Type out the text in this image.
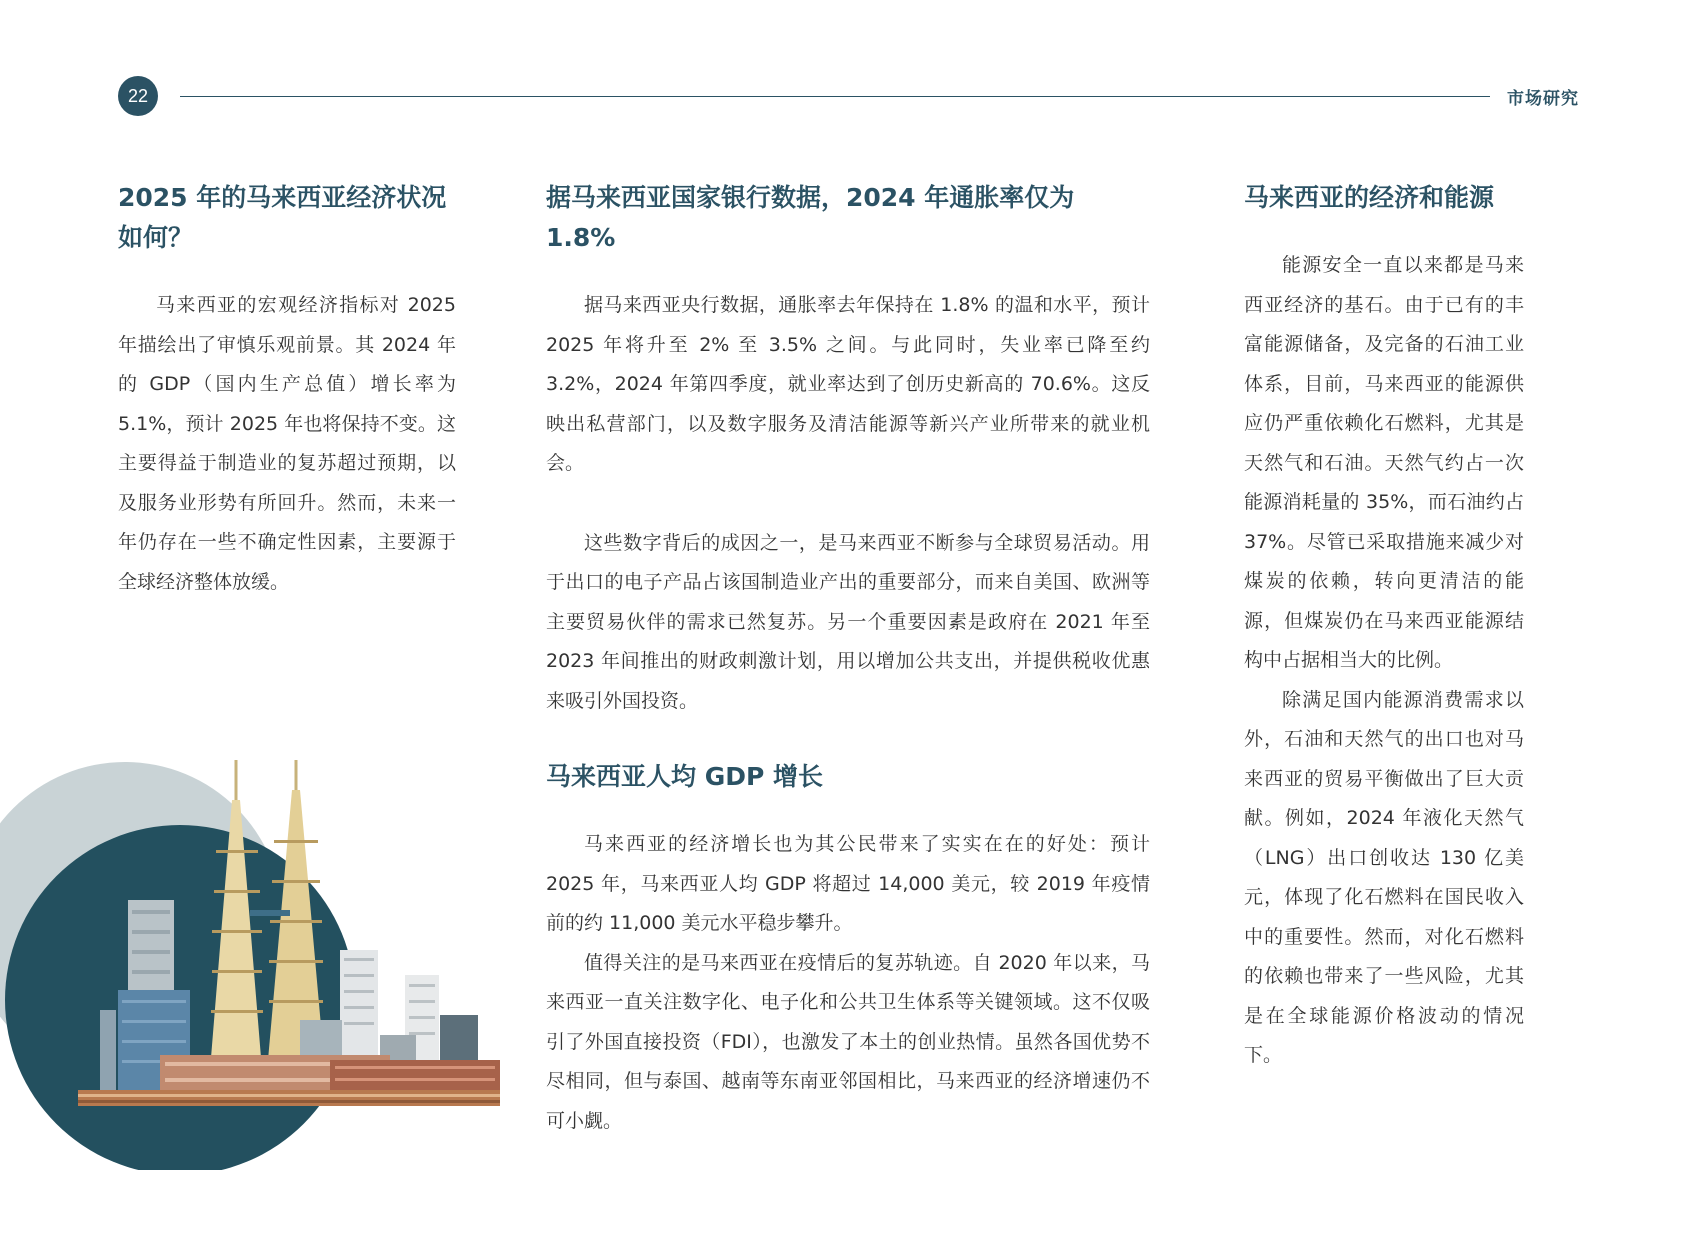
22	市场研究
2025 年的马来西亚经济状况如何？

马来西亚的宏观经济指标对 2025 年描绘出了审慎乐观前景。其 2024 年的 GDP（国内生产总值）增长率为 5.1%，预计 2025 年也将保持不变。这主要得益于制造业的复苏超过预期，以及服务业形势有所回升。然而，未来一年仍存在一些不确定性因素，主要源于全球经济整体放缓。

据马来西亚国家银行数据，2024 年通胀率仅为 1.8%

据马来西亚央行数据，通胀率去年保持在 1.8% 的温和水平，预计 2025 年将升至 2% 至 3.5% 之间。与此同时，失业率已降至约 3.2%，2024 年第四季度，就业率达到了创历史新高的 70.6%。这反映出私营部门，以及数字服务及清洁能源等新兴产业所带来的就业机会。

这些数字背后的成因之一，是马来西亚不断参与全球贸易活动。用于出口的电子产品占该国制造业产出的重要部分，而来自美国、欧洲等主要贸易伙伴的需求已然复苏。另一个重要因素是政府在 2021 年至 2023 年间推出的财政刺激计划，用以增加公共支出，并提供税收优惠来吸引外国投资。

马来西亚人均 GDP 增长

马来西亚的经济增长也为其公民带来了实实在在的好处：预计 2025 年，马来西亚人均 GDP 将超过 14,000 美元，较 2019 年疫情前的约 11,000 美元水平稳步攀升。

值得关注的是马来西亚在疫情后的复苏轨迹。自 2020 年以来，马来西亚一直关注数字化、电子化和公共卫生体系等关键领域。这不仅吸引了外国直接投资（FDI），也激发了本土的创业热情。虽然各国优势不尽相同，但与泰国、越南等东南亚邻国相比，马来西亚的经济增速仍不可小觑。

马来西亚的经济和能源

能源安全一直以来都是马来西亚经济的基石。由于已有的丰富能源储备，及完备的石油工业体系，目前，马来西亚的能源供应仍严重依赖化石燃料，尤其是天然气和石油。天然气约占一次能源消耗量的 35%，而石油约占 37%。尽管已采取措施来减少对煤炭的依赖，转向更清洁的能源，但煤炭仍在马来西亚能源结构中占据相当大的比例。

除满足国内能源消费需求以外，石油和天然气的出口也对马来西亚的贸易平衡做出了巨大贡献。例如，2024 年液化天然气（LNG）出口创收达 130 亿美元，体现了化石燃料在国民收入中的重要性。然而，对化石燃料的依赖也带来了一些风险，尤其是在全球能源价格波动的情况下。
